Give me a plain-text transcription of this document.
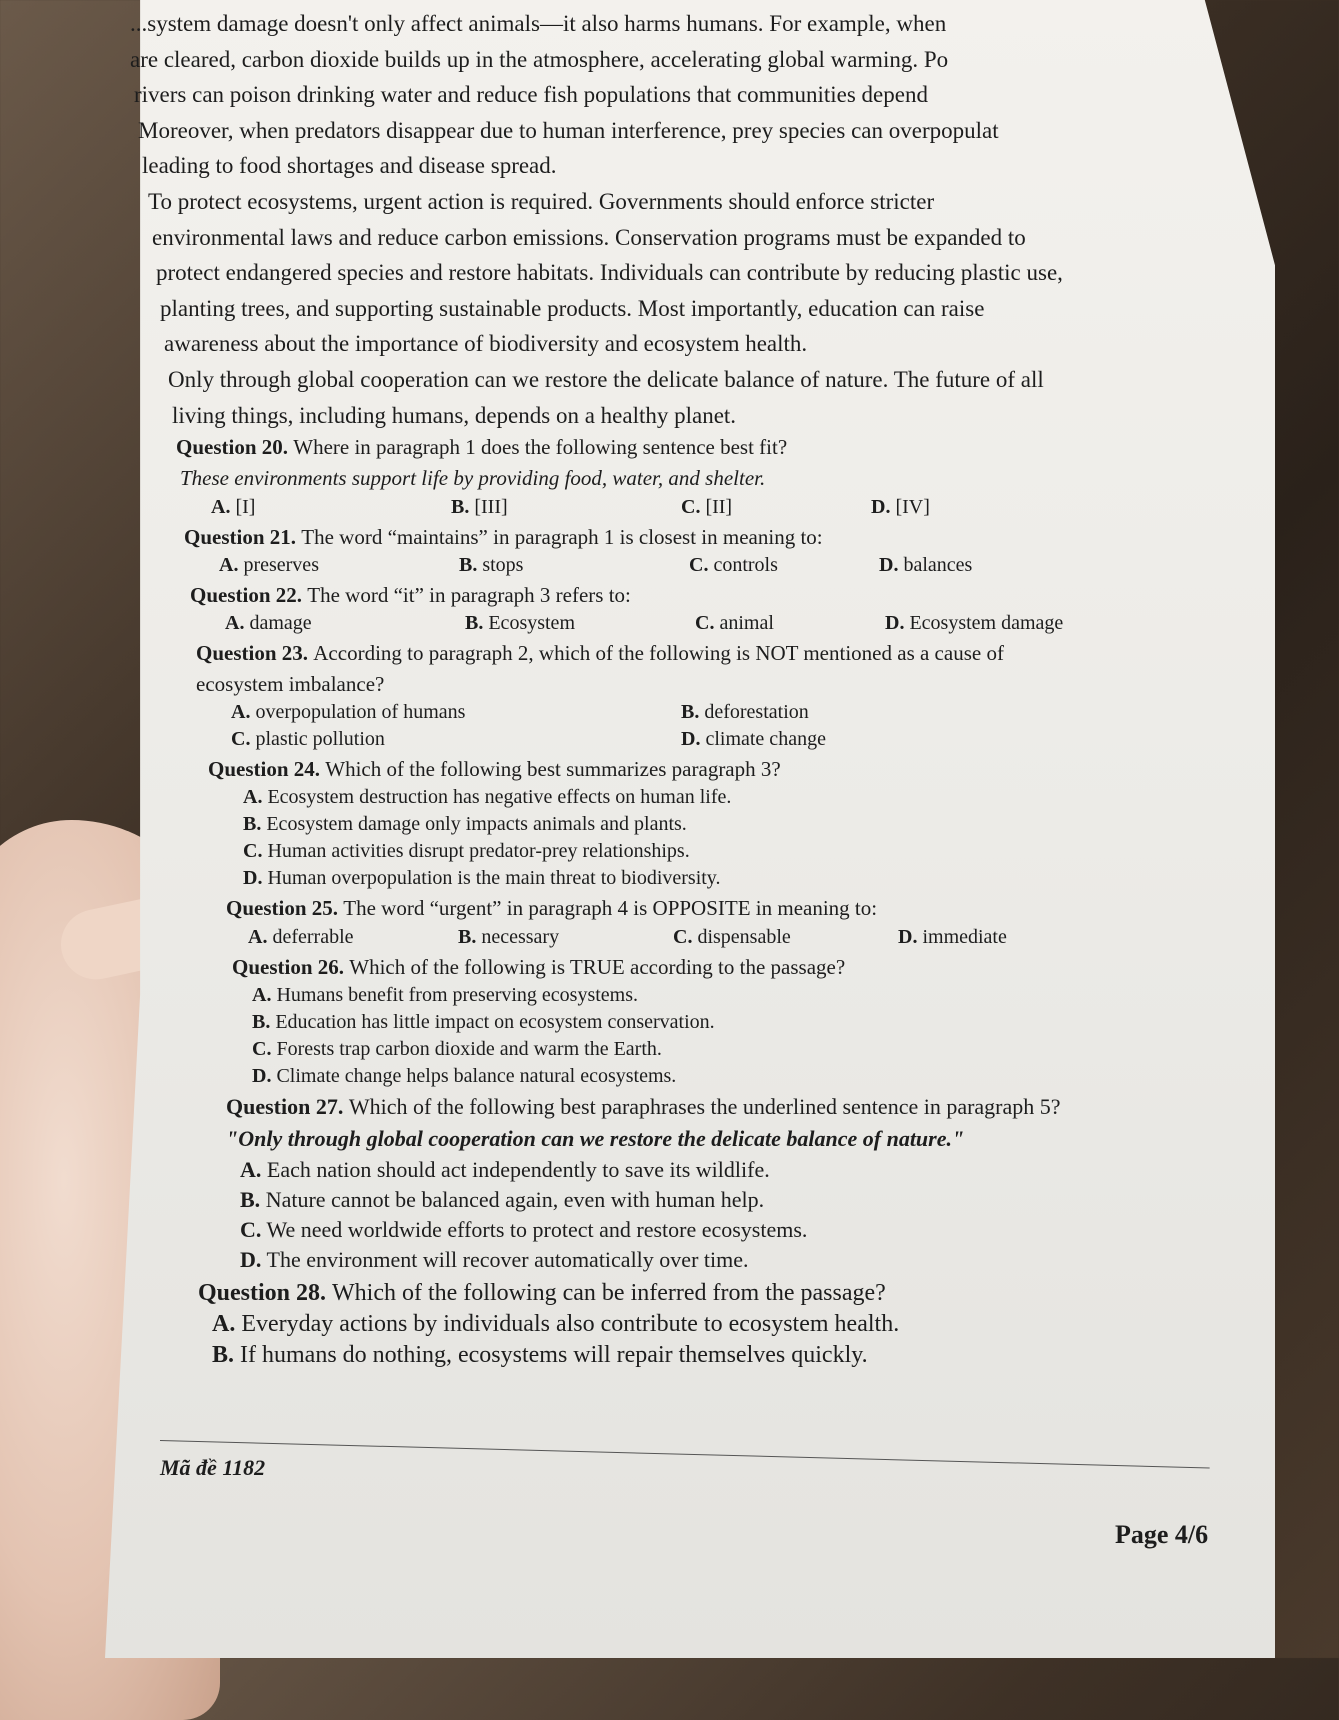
...system damage doesn't only affect animals—it also harms humans. For example, when
are cleared, carbon dioxide builds up in the atmosphere, accelerating global warming. Po
rivers can poison drinking water and reduce fish populations that communities depend
Moreover, when predators disappear due to human interference, prey species can overpopulat
leading to food shortages and disease spread.
To protect ecosystems, urgent action is required. Governments should enforce stricter
environmental laws and reduce carbon emissions. Conservation programs must be expanded to
protect endangered species and restore habitats. Individuals can contribute by reducing plastic use,
planting trees, and supporting sustainable products. Most importantly, education can raise
awareness about the importance of biodiversity and ecosystem health.
Only through global cooperation can we restore the delicate balance of nature. The future of all
living things, including humans, depends on a healthy planet.
Question 20. Where in paragraph 1 does the following sentence best fit?
These environments support life by providing food, water, and shelter.
A. [I]	B. [III]	C. [II]	D. [IV]
Question 21. The word “maintains” in paragraph 1 is closest in meaning to:
A. preserves	B. stops	C. controls	D. balances
Question 22. The word “it” in paragraph 3 refers to:
A. damage	B. Ecosystem	C. animal	D. Ecosystem damage
Question 23. According to paragraph 2, which of the following is NOT mentioned as a cause of
ecosystem imbalance?
A. overpopulation of humans	B. deforestation
C. plastic pollution	D. climate change
Question 24. Which of the following best summarizes paragraph 3?
A. Ecosystem destruction has negative effects on human life.
B. Ecosystem damage only impacts animals and plants.
C. Human activities disrupt predator-prey relationships.
D. Human overpopulation is the main threat to biodiversity.
Question 25. The word “urgent” in paragraph 4 is OPPOSITE in meaning to:
A. deferrable	B. necessary	C. dispensable	D. immediate
Question 26. Which of the following is TRUE according to the passage?
A. Humans benefit from preserving ecosystems.
B. Education has little impact on ecosystem conservation.
C. Forests trap carbon dioxide and warm the Earth.
D. Climate change helps balance natural ecosystems.
Question 27. Which of the following best paraphrases the underlined sentence in paragraph 5?
"Only through global cooperation can we restore the delicate balance of nature."
A. Each nation should act independently to save its wildlife.
B. Nature cannot be balanced again, even with human help.
C. We need worldwide efforts to protect and restore ecosystems.
D. The environment will recover automatically over time.
Question 28. Which of the following can be inferred from the passage?
A. Everyday actions by individuals also contribute to ecosystem health.
B. If humans do nothing, ecosystems will repair themselves quickly.
Mã đề 1182
Page 4/6
